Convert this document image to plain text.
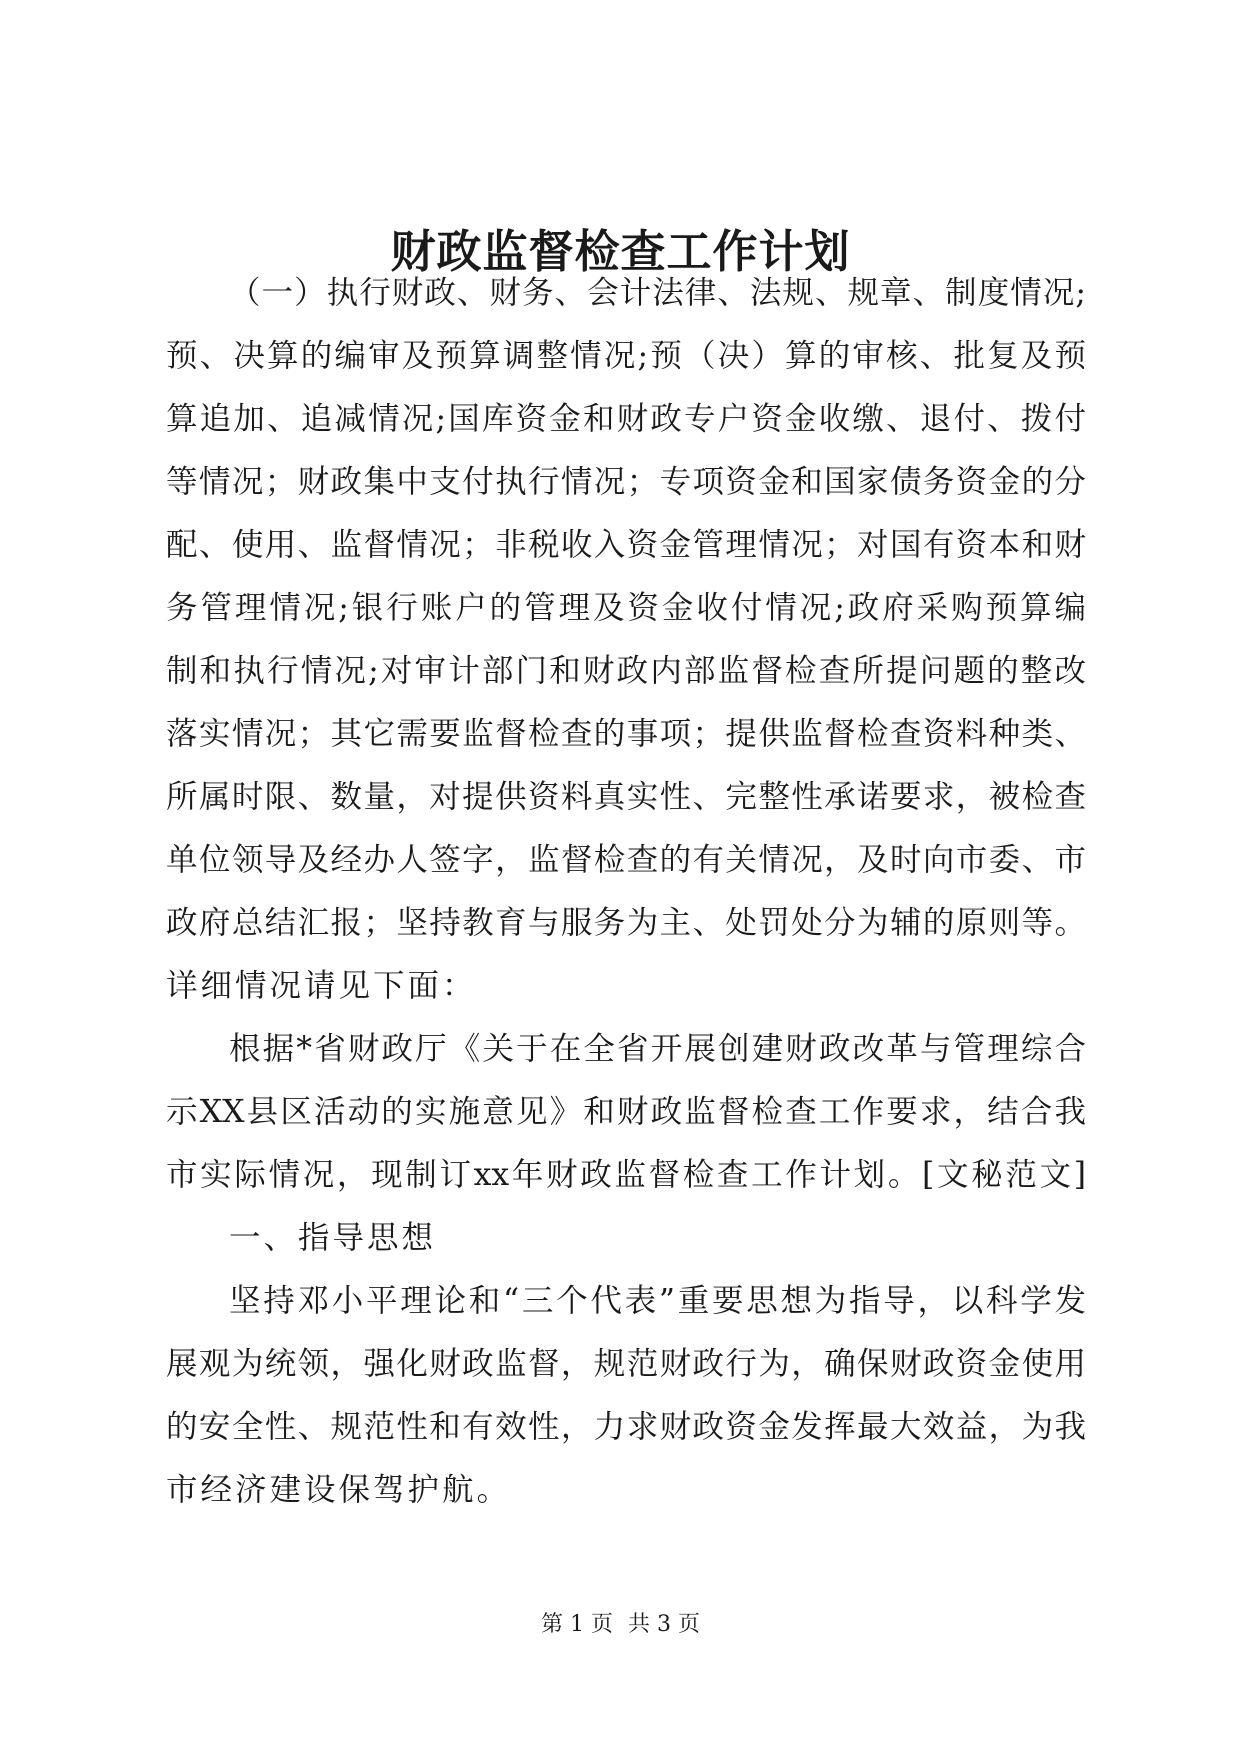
财政监督检查工作计划
（一）执行财政、财务、会计法律、法规、规章、制度情况;
预、决算的编审及预算调整情况;预（决）算的审核、批复及预
算追加、追减情况;国库资金和财政专户资金收缴、退付、拨付
等情况；财政集中支付执行情况；专项资金和国家债务资金的分
配、使用、监督情况；非税收入资金管理情况；对国有资本和财
务管理情况;银行账户的管理及资金收付情况;政府采购预算编
制和执行情况;对审计部门和财政内部监督检查所提问题的整改
落实情况；其它需要监督检查的事项；提供监督检查资料种类、
所属时限、数量，对提供资料真实性、完整性承诺要求，被检查
单位领导及经办人签字，监督检查的有关情况，及时向市委、市
政府总结汇报；坚持教育与服务为主、处罚处分为辅的原则等。
详细情况请见下面：
根据*省财政厅《关于在全省开展创建财政改革与管理综合
示XX县区活动的实施意见》和财政监督检查工作要求，结合我
市实际情况，现制订xx年财政监督检查工作计划。[文秘范文]
一、指导思想
坚持邓小平理论和“三个代表”重要思想为指导，以科学发
展观为统领，强化财政监督，规范财政行为，确保财政资金使用
的安全性、规范性和有效性，力求财政资金发挥最大效益，为我
市经济建设保驾护航。
第 1 页 共 3 页
